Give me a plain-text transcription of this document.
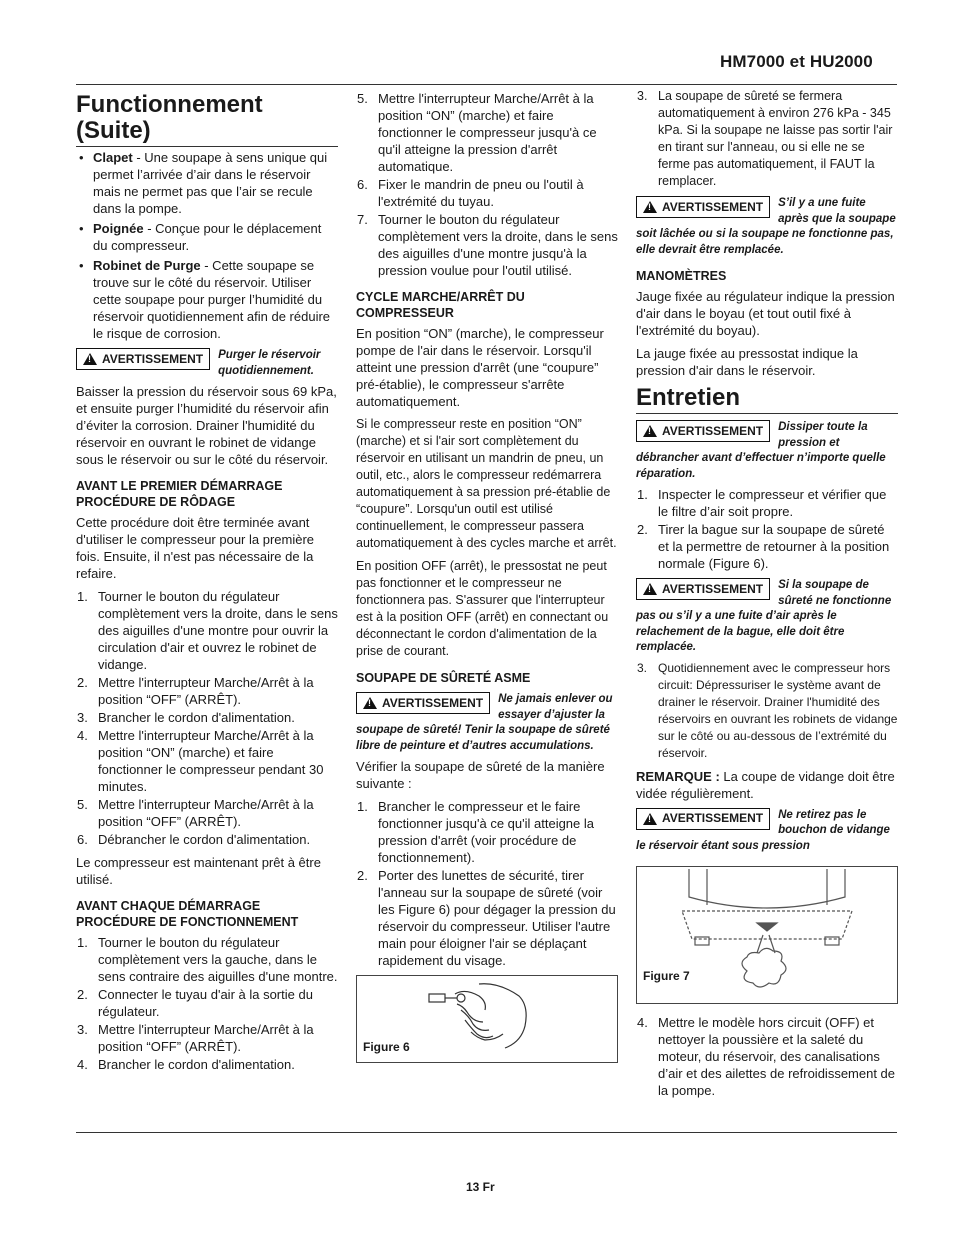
HM7000 et HU2000
Functionnement (Suite)
• Clapet - Une soupape à sens unique qui permet l’arrivée d’air dans le réservoir mais ne permet pas que l’air se recule dans la pompe.
• Poignée - Conçue pour le déplacement du compresseur.
• Robinet de Purge - Cette soupape se trouve sur le côté du réservoir. Utiliser cette soupape pour purger l’humidité du réservoir quotidiennement afin de réduire le risque de corrosion.
!
AVERTISSEMENT Purger le réservoir quotidiennement.

Baisser la pression du réservoir sous 69 kPa, et ensuite purger l’humidité du réservoir afin d’éviter la corrosion. Drainer l'humidité du réservoir en ouvrant le robinet de vidange sous le réservoir ou sur le côté du réservoir.

AVANT LE PREMIER DÉMARRAGE PROCÉDURE DE RÔDAGE

Cette procédure doit être terminée avant d'utiliser le compresseur pour la première fois. Ensuite, il n'est pas nécessaire de la refaire.

1. Tourner le bouton du régulateur complètement vers la droite, dans le sens des aiguilles d'une montre pour ouvrir la circulation d'air et ouvrez le robinet de vidange.
2. Mettre l'interrupteur Marche/Arrêt à la position “OFF” (ARRÊT).
3. Brancher le cordon d'alimentation.
4. Mettre l'interrupteur Marche/Arrêt à la position “ON” (marche) et faire fonctionner le compresseur pendant 30 minutes.
5. Mettre l'interrupteur Marche/Arrêt à la position “OFF” (ARRÊT).
6. Débrancher le cordon d'alimentation.

Le compresseur est maintenant prêt à être utilisé.

AVANT CHAQUE DÉMARRAGE PROCÉDURE DE FONCTIONNEMENT
1. Tourner le bouton du régulateur complètement vers la gauche, dans le sens contraire des aiguilles d'une montre.
2. Connecter le tuyau d'air à la sortie du régulateur.
3. Mettre l'interrupteur Marche/Arrêt à la position “OFF” (ARRÊT).
4. Brancher le cordon d'alimentation.
5. Mettre l'interrupteur Marche/Arrêt à la position “ON” (marche) et faire fonctionner le compresseur jusqu'à ce qu'il atteigne la pression d'arrêt automatique.
6. Fixer le mandrin de pneu ou l'outil à l'extrémité du tuyau.
7. Tourner le bouton du régulateur complètement vers la droite, dans le sens des aiguilles d'une montre jusqu'à la pression voulue pour l'outil utilisé.
CYCLE MARCHE/ARRÊT DU COMPRESSEUR

En position “ON” (marche), le compresseur pompe de l'air dans le réservoir. Lorsqu'il atteint une pression d'arrêt (une “coupure” pré-établie), le compresseur s'arrête automatiquement.

Si le compresseur reste en position “ON” (marche) et si l'air sort complètement du réservoir en utilisant un mandrin de pneu, un outil, etc., alors le compresseur redémarrera automatiquement à sa pression pré-établie de “coupure”. Lorsqu'un outil est utilisé continuellement, le compresseur passera automatiquement à des cycles marche et arrêt.

En position OFF (arrêt), le pressostat ne peut pas fonctionner et le compresseur ne fonctionnera pas. S'assurer que l'interrupteur est à la position OFF (arrêt) en connectant ou déconnectant le cordon d'alimentation de la prise de courant.

SOUPAPE DE SÛRETÉ ASME
!
AVERTISSEMENT Ne jamais enlever ou essayer d’ajuster la soupape de sûreté! Tenir la soupape de sûreté libre de peinture et d’autres accumulations.

Vérifier la soupape de sûreté de la manière suivante :

1. Brancher le compresseur et le faire fonctionner jusqu'à ce qu'il atteigne la pression d'arrêt (voir procédure de fonctionnement).
2. Porter des lunettes de sécurité, tirer l'anneau sur la soupape de sûreté (voir les Figure 6) pour dégager la pression du réservoir du compresseur. Utiliser l'autre main pour éloigner l'air se déplaçant rapidement du visage.
Figure 6
3. La soupape de sûreté se fermera automatiquement à environ 276 kPa - 345 kPa. Si la soupape ne laisse pas sortir l'air en tirant sur l'anneau, ou si elle ne se ferme pas automatiquement, il FAUT la remplacer.
!
AVERTISSEMENT S’il y a une fuite après que la soupape soit lâchée ou si la soupape ne fonctionne pas, elle devrait être remplacée.
MANOMÈTRES

Jauge fixée au régulateur indique la pression d'air dans le boyau (et tout outil fixé à l'extrémité du boyau).

La jauge fixée au pressostat indique la pression d'air dans le réservoir.

Entretien
!
AVERTISSEMENT Dissiper toute la pression et débrancher avant d’effectuer n’importe quelle réparation.
1. Inspecter le compresseur et vérifier que le filtre d’air soit propre.
2. Tirer la bague sur la soupape de sûreté et la permettre de retourner à la position normale (Figure 6).
!
AVERTISSEMENT Si la soupape de sûreté ne fonctionne pas ou s’il y a une fuite d’air après le relachement de la bague, elle doit être remplacée.
3. Quotidiennement avec le compresseur hors circuit: Dépressuriser le système avant de drainer le réservoir. Drainer l'humidité des réservoirs en ouvrant les robinets de vidange sur le côté ou au-dessous de l’extrémité du réservoir.

REMARQUE : La coupe de vidange doit être vidée régulièrement.

!
AVERTISSEMENT Ne retirez pas le bouchon de vidange le réservoir étant sous pression
Figure 7
4. Mettre le modèle hors circuit (OFF) et nettoyer la poussière et la saleté du moteur, du réservoir, des canalisations d’air et des ailettes de refroidissement de la pompe.
13 Fr
